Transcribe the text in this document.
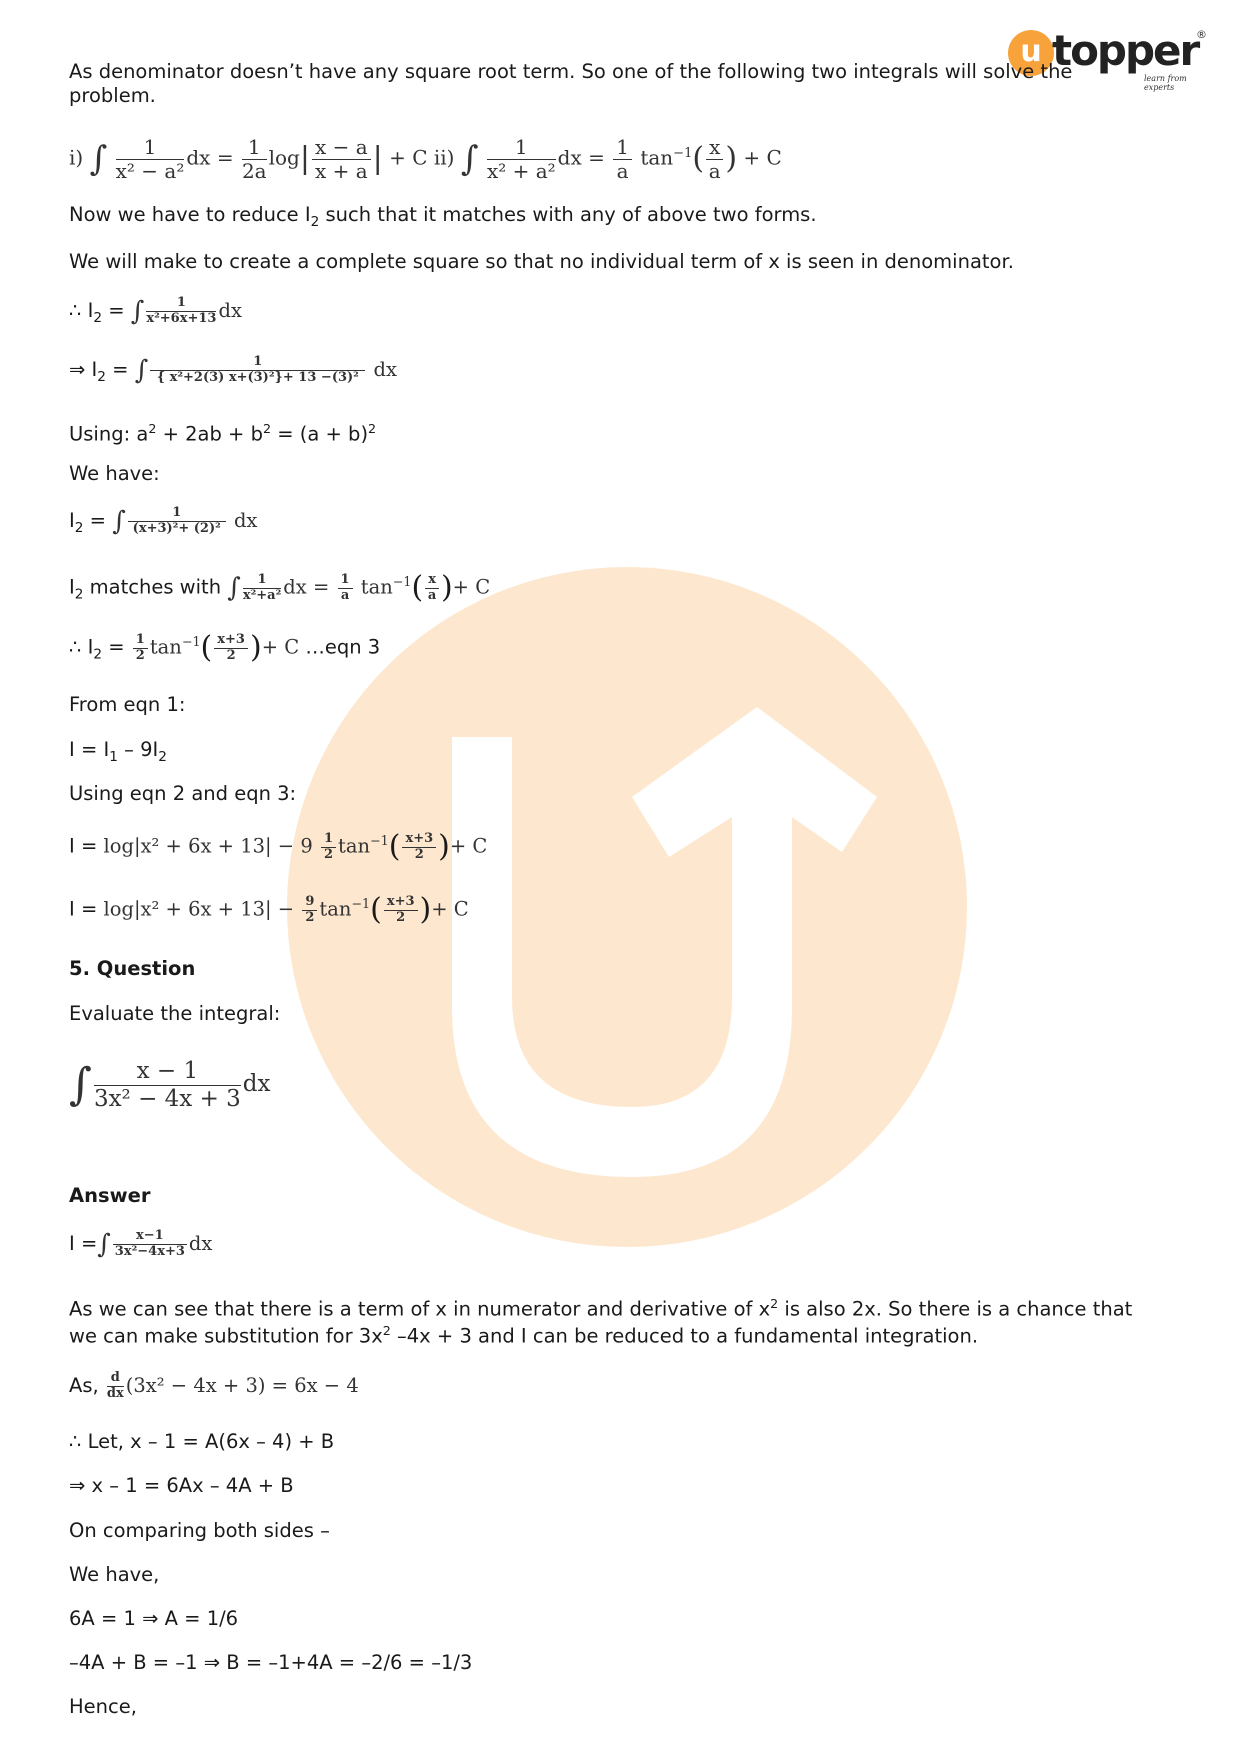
u topper
®
learn from experts
As denominator doesn’t have any square root term. So one of the following two integrals will solve the
problem.
i) ∫ $\frac{1}{\text{x² − a²}}$ dx = $\frac{1}{2a} \log| \frac{x - a}{x + a}$ | + C ii) ∫ $\frac{1}{\text{x² + a²}}$ dx = $\frac{1}{a} \tan^{-1}( \frac{x}{a}$ ) + C
Now we have to reduce $I_2$ such that it matches with any of above two forms.
We will make to create a complete square so that no individual term of x is seen in denominator.
∴ $I_2$ = ∫ $\frac{1}{\text{x²+6x+13}}$ dx
⇒ $I_2$ = ∫ $\frac{1}{\text{\{ x²+2(3) x+(3)²\}+ 13 −(3)²}}$ dx
Using: $a^2 + 2ab + b^2 = (a + b)^2$
We have:
$I_2$ = ∫ $\frac{1}{\text{(x+3)²+ (2)²}}$ dx
$I_2$ matches with ∫ $\frac{1}{\text{x²+a²}}$ dx = $\frac{1}{a} \tan^{-1}( \frac{x}{a}$ )+ C
∴ $I_2 = \frac{1}{2} \tan^{-1}( \frac{x+3}{2}$ )+ C …eqn 3
From eqn 1:
$I = I_1 - 9I_2$
Using eqn 2 and eqn 3:
$I = \log|x^2 + 6x + 13| - 9 \frac{1}{2} \tan^{-1}( \frac{x+3}{2}$ )+ C
$I = \log|x^2 + 6x + 13| - \frac{9}{2} \tan^{-1}( \frac{x+3}{2}$ )+ C
5. Question
Evaluate the integral:
∫ $\frac{x - 1}{\text{3x² − 4x + 3}}$ dx
Answer
I =∫ $\frac{x-1}{\text{3x²−4x+3}}$ dx
As we can see that there is a term of x in numerator and derivative of $x^2$ is also 2x. So there is a chance that
we can make substitution for $3x^2$ –4x + 3 and I can be reduced to a fundamental integration.
As, $\frac{d}{dx} (3x^2 - 4x + 3) = 6x - 4$
∴ Let, x – 1 = A(6x – 4) + B
⇒ x – 1 = 6Ax – 4A + B
On comparing both sides –
We have,
6A = 1 ⇒ A = 1/6
–4A + B = –1 ⇒ B = –1+4A = –2/6 = –1/3
Hence,
